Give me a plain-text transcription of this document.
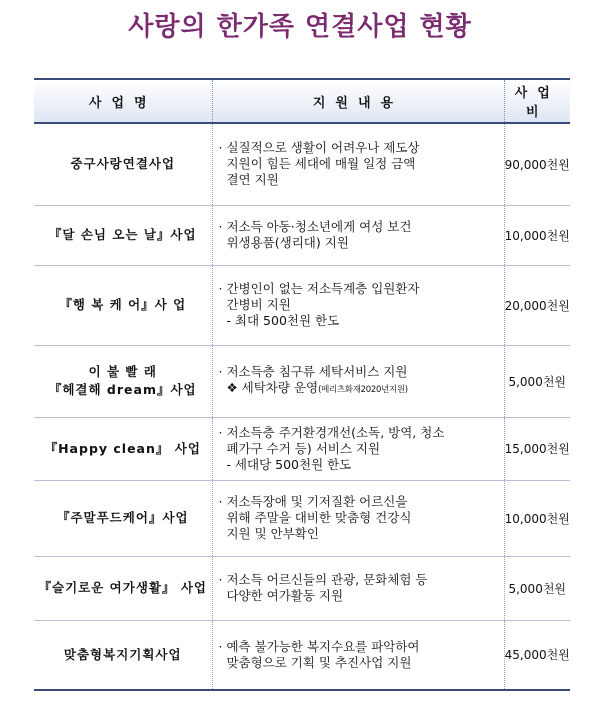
사랑의 한가족 연결사업 현황
사업명	지원내용	사업비

중구사랑연결사업	· 실질적으로 생활이 어려우나 제도상
지원이 힘든 세대에 매월 일정 금액
결연 지원	90,000천원

『달 손님 오는 날』사업	· 저소득 아동·청소년에게 여성 보건
위생용품(생리대) 지원	10,000천원

『행 복 케 어』사 업	· 간병인이 없는 저소득계층 입원환자
간병비 지원
- 최대 500천원 한도	20,000천원

이 불 빨 래
『헤결해 dream』사업	· 저소득층 침구류 세탁서비스 지원
❖ 세탁차량 운영(메리츠화재2020년지원)	5,000천원

『Happy clean』 사업	· 저소득층 주거환경개선(소독, 방역, 청소
폐가구 수거 등) 서비스 지원
- 세대당 500천원 한도	15,000천원

『주말푸드케어』사업	· 저소득장애 및 기저질환 어르신을
위해 주말을 대비한 맞춤형 건강식
지원 및 안부확인	10,000천원

『슬기로운 여가생활』 사업	· 저소득 어르신들의 관광, 문화체험 등
다양한 여가활동 지원	5,000천원

맞춤형복지기획사업	· 예측 불가능한 복지수요를 파악하여
맞춤형으로 기획 및 추진사업 지원	45,000천원
